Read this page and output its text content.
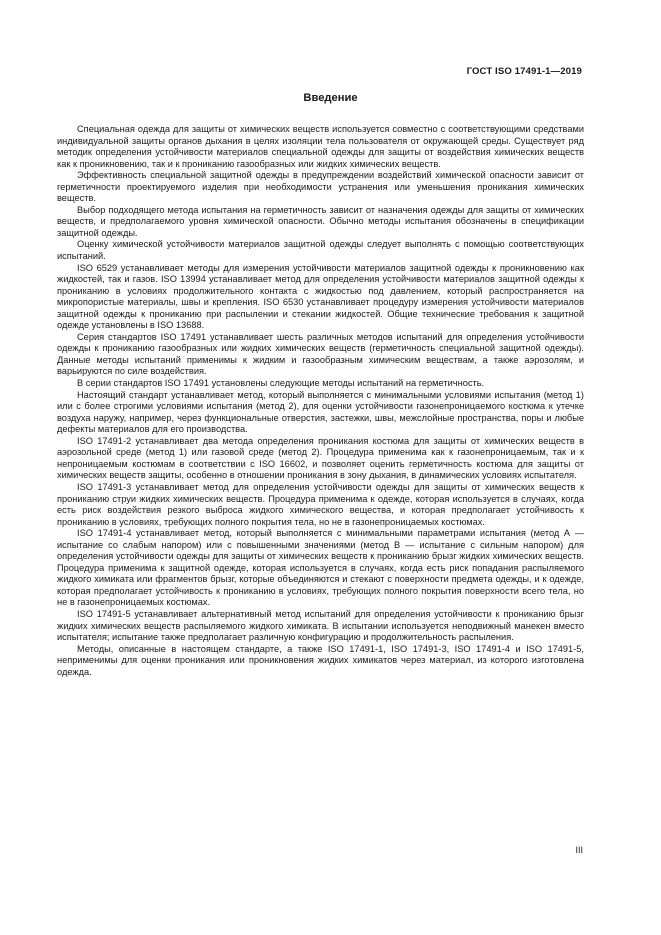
ГОСТ ISO 17491-1—2019
Введение

Специальная одежда для защиты от химических веществ используется совместно с соответствующими средствами индивидуальной защиты органов дыхания в целях изоляции тела пользователя от окружающей среды. Существует ряд методик определения устойчивости материалов специальной одежды для защиты от воздействия химических веществ как к проникновению, так и к прониканию газообразных или жидких химических веществ.

Эффективность специальной защитной одежды в предупреждении воздействий химической опасности зависит от герметичности проектируемого изделия при необходимости устранения или уменьшения проникания химических веществ.

Выбор подходящего метода испытания на герметичность зависит от назначения одежды для защиты от химических веществ, и предполагаемого уровня химической опасности. Обычно методы испытания обозначены в спецификации защитной одежды.

Оценку химической устойчивости материалов защитной одежды следует выполнять с помощью соответствующих испытаний.

ISO 6529 устанавливает методы для измерения устойчивости материалов защитной одежды к проникновению как жидкостей, так и газов. ISO 13994 устанавливает метод для определения устойчивости материалов защитной одежды к прониканию в условиях продолжительного контакта с жидкостью под давлением, который распространяется на микропористые материалы, швы и крепления. ISO 6530 устанавливает процедуру измерения устойчивости материалов защитной одежды к прониканию при распылении и стекании жидкостей. Общие технические требования к защитной одежде установлены в ISO 13688.

Серия стандартов ISO 17491 устанавливает шесть различных методов испытаний для определения устойчивости одежды к прониканию газообразных или жидких химических веществ (герметичность специальной защитной одежды). Данные методы испытаний применимы к жидким и газообразным химическим веществам, а также аэрозолям, и варьируются по силе воздействия.

В серии стандартов ISO 17491 установлены следующие методы испытаний на герметичность.

Настоящий стандарт устанавливает метод, который выполняется с минимальными условиями испытания (метод 1) или с более строгими условиями испытания (метод 2), для оценки устойчивости газонепроницаемого костюма к утечке воздуха наружу, например, через функциональные отверстия, застежки, швы, межслойные пространства, поры и любые дефекты материалов для его производства.

ISO 17491-2 устанавливает два метода определения проникания костюма для защиты от химических веществ в аэрозольной среде (метод 1) или газовой среде (метод 2). Процедура применима как к газонепроницаемым, так и к непроницаемым костюмам в соответствии с ISO 16602, и позволяет оценить герметичность костюма для защиты от химических веществ защиты, особенно в отношении проникания в зону дыхания, в динамических условиях испытателя.

ISO 17491-3 устанавливает метод для определения устойчивости одежды для защиты от химических веществ к прониканию струи жидких химических веществ. Процедура применима к одежде, которая используется в случаях, когда есть риск воздействия резкого выброса жидкого химического вещества, и которая предполагает устойчивость к прониканию в условиях, требующих полного покрытия тела, но не в газонепроницаемых костюмах.

ISO 17491-4 устанавливает метод, который выполняется с минимальными параметрами испытания (метод А — испытание со слабым напором) или с повышенными значениями (метод В — испытание с сильным напором) для определения устойчивости одежды для защиты от химических веществ к прониканию брызг жидких химических веществ. Процедура применима к защитной одежде, которая используется в случаях, когда есть риск попадания распыляемого жидкого химиката или фрагментов брызг, которые объединяются и стекают с поверхности предмета одежды, и к одежде, которая предполагает устойчивость к прониканию в условиях, требующих полного покрытия поверхности всего тела, но не в газонепроницаемых костюмах.

ISO 17491-5 устанавливает альтернативный метод испытаний для определения устойчивости к прониканию брызг жидких химических веществ распыляемого жидкого химиката. В испытании используется неподвижный манекен вместо испытателя; испытание также предполагает различную конфигурацию и продолжительность распыления.

Методы, описанные в настоящем стандарте, а также ISO 17491-1, ISO 17491-3, ISO 17491-4 и ISO 17491-5, неприменимы для оценки проникания или проникновения жидких химикатов через материал, из которого изготовлена одежда.

III
